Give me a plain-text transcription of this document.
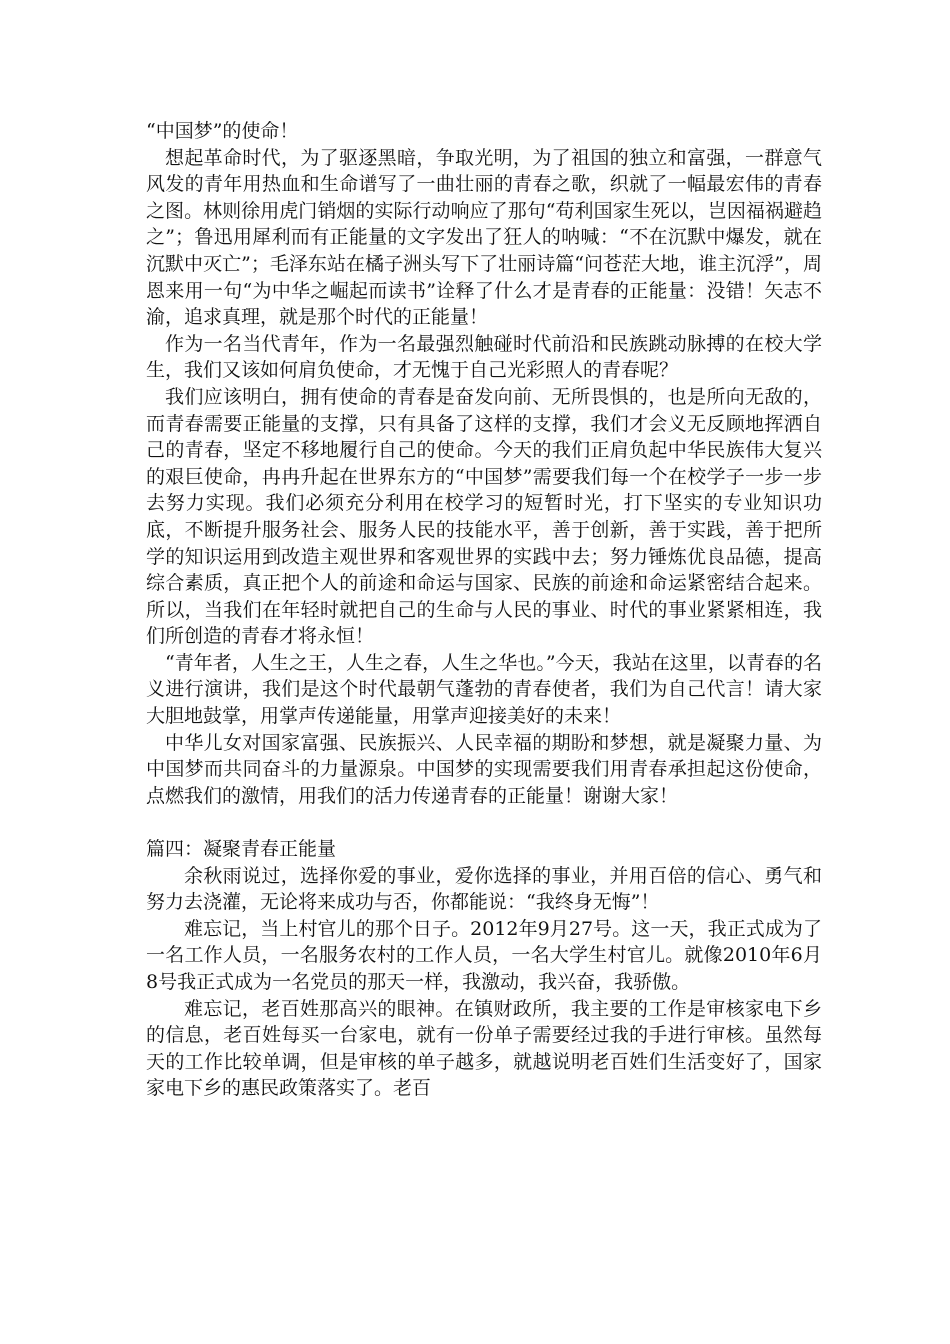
“中国梦”的使命！

想起革命时代，为了驱逐黑暗，争取光明，为了祖国的独立和富强，一群意气风发的青年用热血和生命谱写了一曲壮丽的青春之歌，织就了一幅最宏伟的青春之图。林则徐用虎门销烟的实际行动响应了那句“苟利国家生死以，岂因福祸避趋之”；鲁迅用犀利而有正能量的文字发出了狂人的呐喊：“不在沉默中爆发，就在沉默中灭亡”；毛泽东站在橘子洲头写下了壮丽诗篇“问苍茫大地，谁主沉浮”，周恩来用一句“为中华之崛起而读书”诠释了什么才是青春的正能量：没错！矢志不渝，追求真理，就是那个时代的正能量！

作为一名当代青年，作为一名最强烈触碰时代前沿和民族跳动脉搏的在校大学生，我们又该如何肩负使命，才无愧于自己光彩照人的青春呢？

我们应该明白，拥有使命的青春是奋发向前、无所畏惧的，也是所向无敌的，而青春需要正能量的支撑，只有具备了这样的支撑，我们才会义无反顾地挥洒自己的青春，坚定不移地履行自己的使命。今天的我们正肩负起中华民族伟大复兴的艰巨使命，冉冉升起在世界东方的“中国梦”需要我们每一个在校学子一步一步去努力实现。我们必须充分利用在校学习的短暂时光，打下坚实的专业知识功底，不断提升服务社会、服务人民的技能水平，善于创新，善于实践，善于把所学的知识运用到改造主观世界和客观世界的实践中去；努力锤炼优良品德，提高综合素质，真正把个人的前途和命运与国家、民族的前途和命运紧密结合起来。所以，当我们在年轻时就把自己的生命与人民的事业、时代的事业紧紧相连，我们所创造的青春才将永恒！

“青年者，人生之王，人生之春，人生之华也。”今天，我站在这里，以青春的名义进行演讲，我们是这个时代最朝气蓬勃的青春使者，我们为自己代言！请大家大胆地鼓掌，用掌声传递能量，用掌声迎接美好的未来！

中华儿女对国家富强、民族振兴、人民幸福的期盼和梦想，就是凝聚力量、为中国梦而共同奋斗的力量源泉。中国梦的实现需要我们用青春承担起这份使命，点燃我们的激情，用我们的活力传递青春的正能量！谢谢大家！

篇四：凝聚青春正能量

余秋雨说过，选择你爱的事业，爱你选择的事业，并用百倍的信心、勇气和努力去浇灌，无论将来成功与否，你都能说：“我终身无悔”！

难忘记，当上村官儿的那个日子。2012年9月27号。这一天，我正式成为了一名工作人员，一名服务农村的工作人员，一名大学生村官儿。就像2010年6月8号我正式成为一名党员的那天一样，我激动，我兴奋，我骄傲。

难忘记，老百姓那高兴的眼神。在镇财政所，我主要的工作是审核家电下乡的信息，老百姓每买一台家电，就有一份单子需要经过我的手进行审核。虽然每天的工作比较单调，但是审核的单子越多，就越说明老百姓们生活变好了，国家家电下乡的惠民政策落实了。老百
